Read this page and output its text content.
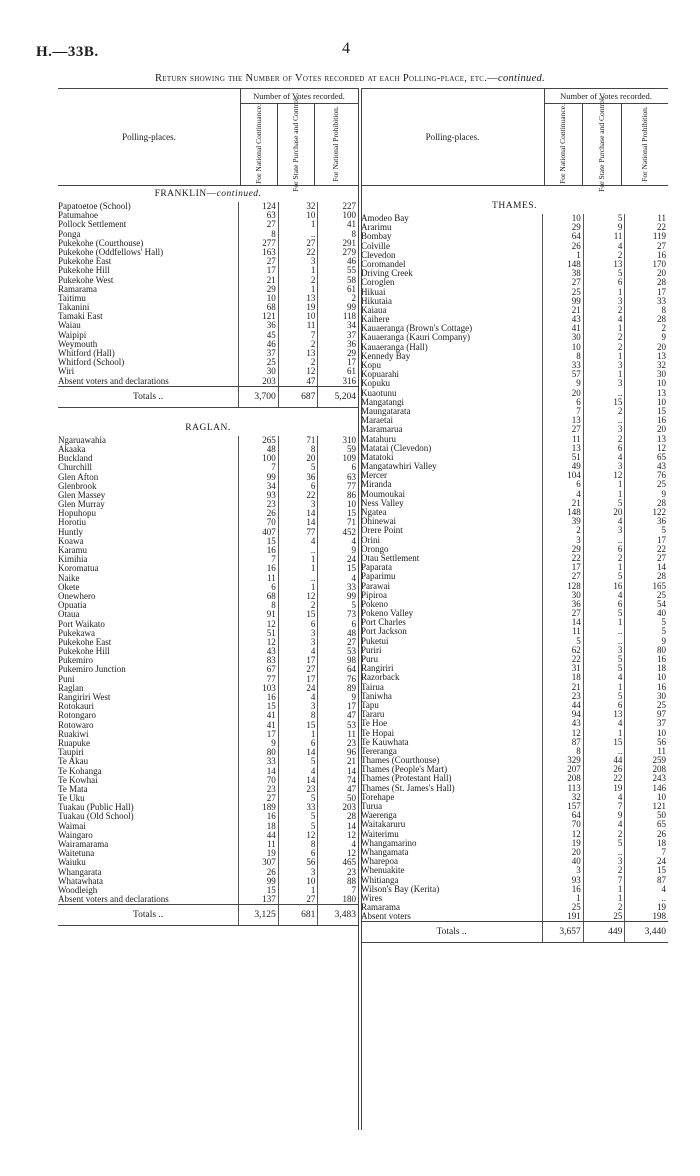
H.—33B.	4
Return showing the Number of Votes recorded at each Polling-place, etc.—continued.
Polling-places.
Number of Votes recorded.
For National Continuance.	For State Purchase and Control.	For National Prohibition.
FRANKLIN—continued.
Papatoetoe (School)	124	32	227
Patumahoe	63	10	100
Pollock Settlement	27	1	41
Ponga	8	..	8
Pukekohe (Courthouse)	277	27	291
Pukekohe (Oddfellows' Hall)	163	22	279
Pukekohe East	27	3	46
Pukekohe Hill	17	1	55
Pukekohe West	21	2	58
Ramarama	29	1	61
Taitimu	10	13	2
Takanini	68	19	99
Tamaki East	121	10	118
Waiau	36	11	34
Waipipi	45	7	37
Weymouth	46	2	36
Whitford (Hall)	37	13	29
Whitford (School)	25	2	17
Wiri	30	12	61
Absent voters and declarations	203	47	316
Totals ..	3,700	687	5,204
RAGLAN.
Ngaruawahia	265	71	310
Akaaka	48	8	59
Buckland	100	20	109
Churchill	7	5	6
Glen Afton	99	36	63
Glenbrook	34	6	77
Glen Massey	93	22	86
Glen Murray	23	3	10
Hopuhopu	26	14	15
Horotiu	70	14	71
Huntly	407	77	452
Koawa	15	4	4
Karamu	16	..	9
Kimihia	7	1	24
Koromatua	16	1	15
Naike	11	..	4
Okete	6	1	33
Onewhero	68	12	99
Opuatia	8	2	5
Otaua	91	15	73
Port Waikato	12	6	6
Pukekawa	51	3	48
Pukekohe East	12	3	27
Pukekohe Hill	43	4	53
Pukemiro	83	17	98
Pukemiro Junction	67	27	64
Puni	77	17	76
Raglan	103	24	89
Rangiriri West	16	4	9
Rotokauri	15	3	17
Rotongaro	41	8	47
Rotowaro	41	15	53
Ruakiwi	17	1	11
Ruapuke	9	6	23
Taupiri	80	14	96
Te Akau	33	5	21
Te Kohanga	14	4	14
Te Kowhai	70	14	74
Te Mata	23	23	47
Te Uku	27	5	50
Tuakau (Public Hall)	189	33	203
Tuakau (Old School)	16	5	28
Waimai	18	5	14
Waingaro	44	12	12
Wairamarama	11	8	4
Waitetuna	19	6	12
Waiuku	307	56	465
Whangarata	26	3	23
Whatawhata	99	10	88
Woodleigh	15	1	7
Absent voters and declarations	137	27	180
Totals ..	3,125	681	3,483
Polling-places.
Number of Votes recorded.
For National Continuance.	For State Purchase and Control.	For National Prohibition.
THAMES.
Amodeo Bay	10	5	11
Ararimu	29	9	22
Bombay	64	11	119
Colville	26	4	27
Clevedon	1	2	16
Coromandel	148	13	170
Driving Creek	38	5	20
Coroglen	27	6	28
Hikuai	25	1	17
Hikutaia	99	3	33
Kaiaua	21	2	8
Kaihere	43	4	28
Kauaeranga (Brown's Cottage)	41	1	2
Kauaeranga (Kauri Company)	30	2	9
Kauaeranga (Hall)	10	2	20
Kennedy Bay	8	1	13
Kopu	33	3	32
Kopuarahi	57	1	30
Kopuku	9	3	10
Kuaotunu	20	..	13
Mangatangi	6	15	10
Maungatarata	7	2	15
Maraetai	13	..	16
Maramarua	27	3	20
Matahuru	11	2	13
Matatai (Clevedon)	13	6	12
Matatoki	51	4	65
Mangatawhiri Valley	49	3	43
Mercer	104	12	76
Miranda	6	1	25
Moumoukai	4	1	9
Ness Valley	21	5	28
Ngatea	148	20	122
Ohinewai	39	4	36
Orere Point	2	3	5
Orini	3	..	17
Orongo	29	6	22
Otau Settlement	22	2	27
Paparata	17	1	14
Paparimu	27	5	28
Parawai	128	16	165
Pipiroa	30	4	25
Pokeno	36	6	54
Pokeno Valley	27	5	40
Port Charles	14	1	5
Port Jackson	11	..	5
Puketui	5	..	9
Puriri	62	3	80
Puru	22	5	16
Rangiriri	31	5	18
Razorback	18	4	10
Tairua	21	1	16
Taniwha	23	5	30
Tapu	44	6	25
Tararu	94	13	97
Te Hoe	43	4	37
Te Hopai	12	1	10
Te Kauwhata	87	15	56
Tereranga	8	..	11
Thames (Courthouse)	329	44	259
Thames (People's Mart)	207	26	208
Thames (Protestant Hall)	208	22	243
Thames (St. James's Hall)	113	19	146
Torehape	32	4	10
Turua	157	7	121
Waerenga	64	9	50
Waitakaruru	70	4	65
Waiterimu	12	2	26
Whangamarino	19	5	18
Whangamata	20	..	7
Wharepoa	40	3	24
Whenuakite	3	2	15
Whitianga	93	7	87
Wilson's Bay (Kerita)	16	1	4
Wires	1	1	..
Ramarama	25	2	19
Absent voters	191	25	198
Totals ..	3,657	449	3,440
